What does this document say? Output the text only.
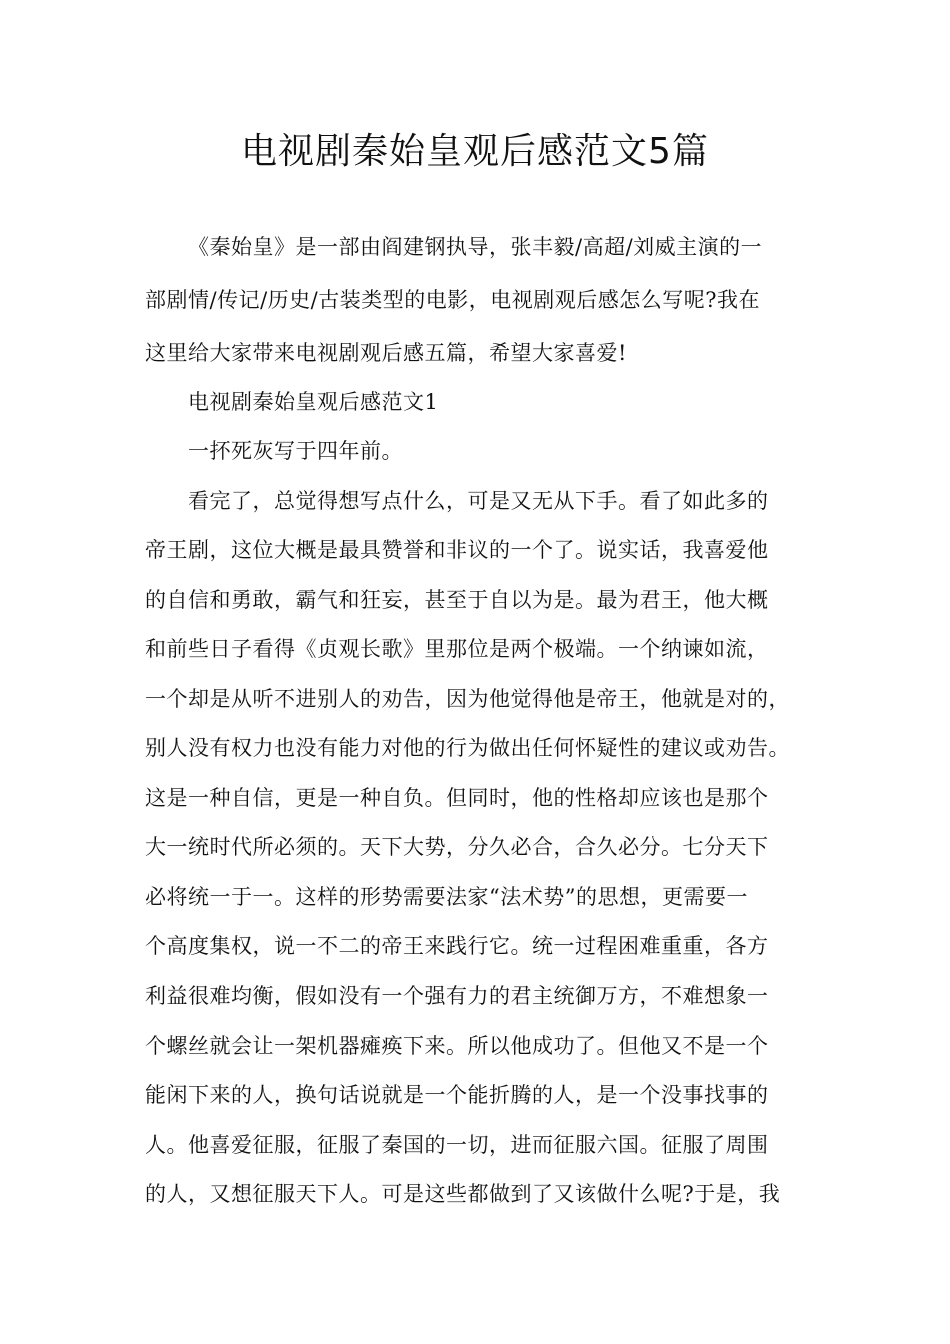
电视剧秦始皇观后感范文5篇

《秦始皇》是一部由阎建钢执导，张丰毅/高超/刘威主演的一

部剧情/传记/历史/古装类型的电影，电视剧观后感怎么写呢?我在

这里给大家带来电视剧观后感五篇，希望大家喜爱!

电视剧秦始皇观后感范文1

一抔死灰写于四年前。

看完了，总觉得想写点什么，可是又无从下手。看了如此多的

帝王剧，这位大概是最具赞誉和非议的一个了。说实话，我喜爱他

的自信和勇敢，霸气和狂妄，甚至于自以为是。最为君王，他大概

和前些日子看得《贞观长歌》里那位是两个极端。一个纳谏如流，

一个却是从听不进别人的劝告，因为他觉得他是帝王，他就是对的，

别人没有权力也没有能力对他的行为做出任何怀疑性的建议或劝告。

这是一种自信，更是一种自负。但同时，他的性格却应该也是那个

大一统时代所必须的。天下大势，分久必合，合久必分。七分天下

必将统一于一。这样的形势需要法家“法术势”的思想，更需要一

个高度集权，说一不二的帝王来践行它。统一过程困难重重，各方

利益很难均衡，假如没有一个强有力的君主统御万方，不难想象一

个螺丝就会让一架机器瘫痪下来。所以他成功了。但他又不是一个

能闲下来的人，换句话说就是一个能折腾的人，是一个没事找事的

人。他喜爱征服，征服了秦国的一切，进而征服六国。征服了周围

的人，又想征服天下人。可是这些都做到了又该做什么呢?于是，我
